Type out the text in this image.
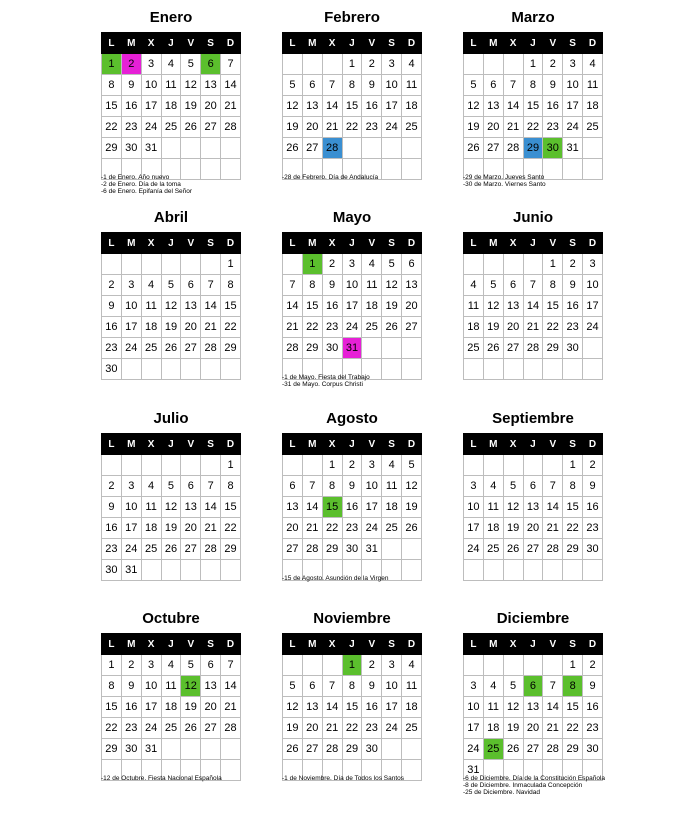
Enero
L	M	X	J	V	S	D
1	2	3	4	5	6	7
8	9	10	11	12	13	14
15	16	17	18	19	20	21
22	23	24	25	26	27	28
29	30	31				

-1 de Enero. Año nuevo
-2 de Enero. Día de la toma
-6 de Enero. Epifanía del Señor
Febrero
L	M	X	J	V	S	D
			1	2	3	4
5	6	7	8	9	10	11
12	13	14	15	16	17	18
19	20	21	22	23	24	25
26	27	28				

-28 de Febrero. Día de Andalucía
Marzo
L	M	X	J	V	S	D
			1	2	3	4
5	6	7	8	9	10	11
12	13	14	15	16	17	18
19	20	21	22	23	24	25
26	27	28	29	30	31	

-29 de Marzo. Jueves Santo
-30 de Marzo. Viernes Santo
Abril
L	M	X	J	V	S	D
						1
2	3	4	5	6	7	8
9	10	11	12	13	14	15
16	17	18	19	20	21	22
23	24	25	26	27	28	29
30						
Mayo
L	M	X	J	V	S	D
	1	2	3	4	5	6
7	8	9	10	11	12	13
14	15	16	17	18	19	20
21	22	23	24	25	26	27
28	29	30	31			

-1 de Mayo. Fiesta del Trabajo
-31 de Mayo. Corpus Christi
Junio
L	M	X	J	V	S	D
				1	2	3
4	5	6	7	8	9	10
11	12	13	14	15	16	17
18	19	20	21	22	23	24
25	26	27	28	29	30	

Julio
L	M	X	J	V	S	D
						1
2	3	4	5	6	7	8
9	10	11	12	13	14	15
16	17	18	19	20	21	22
23	24	25	26	27	28	29
30	31					
Agosto
L	M	X	J	V	S	D
		1	2	3	4	5
6	7	8	9	10	11	12
13	14	15	16	17	18	19
20	21	22	23	24	25	26
27	28	29	30	31		

-15 de Agosto. Asunción de la Virgen
Septiembre
L	M	X	J	V	S	D
					1	2
3	4	5	6	7	8	9
10	11	12	13	14	15	16
17	18	19	20	21	22	23
24	25	26	27	28	29	30

Octubre
L	M	X	J	V	S	D
1	2	3	4	5	6	7
8	9	10	11	12	13	14
15	16	17	18	19	20	21
22	23	24	25	26	27	28
29	30	31				

-12 de Octubre. Fiesta Nacional Española
Noviembre
L	M	X	J	V	S	D
			1	2	3	4
5	6	7	8	9	10	11
12	13	14	15	16	17	18
19	20	21	22	23	24	25
26	27	28	29	30		

-1 de Noviembre. Día de Todos los Santos
Diciembre
L	M	X	J	V	S	D
					1	2
3	4	5	6	7	8	9
10	11	12	13	14	15	16
17	18	19	20	21	22	23
24	25	26	27	28	29	30
31						
-6 de Diciembre. Día de la Constitución Española
-8 de Diciembre. Inmaculada Concepción
-25 de Diciembre. Navidad
